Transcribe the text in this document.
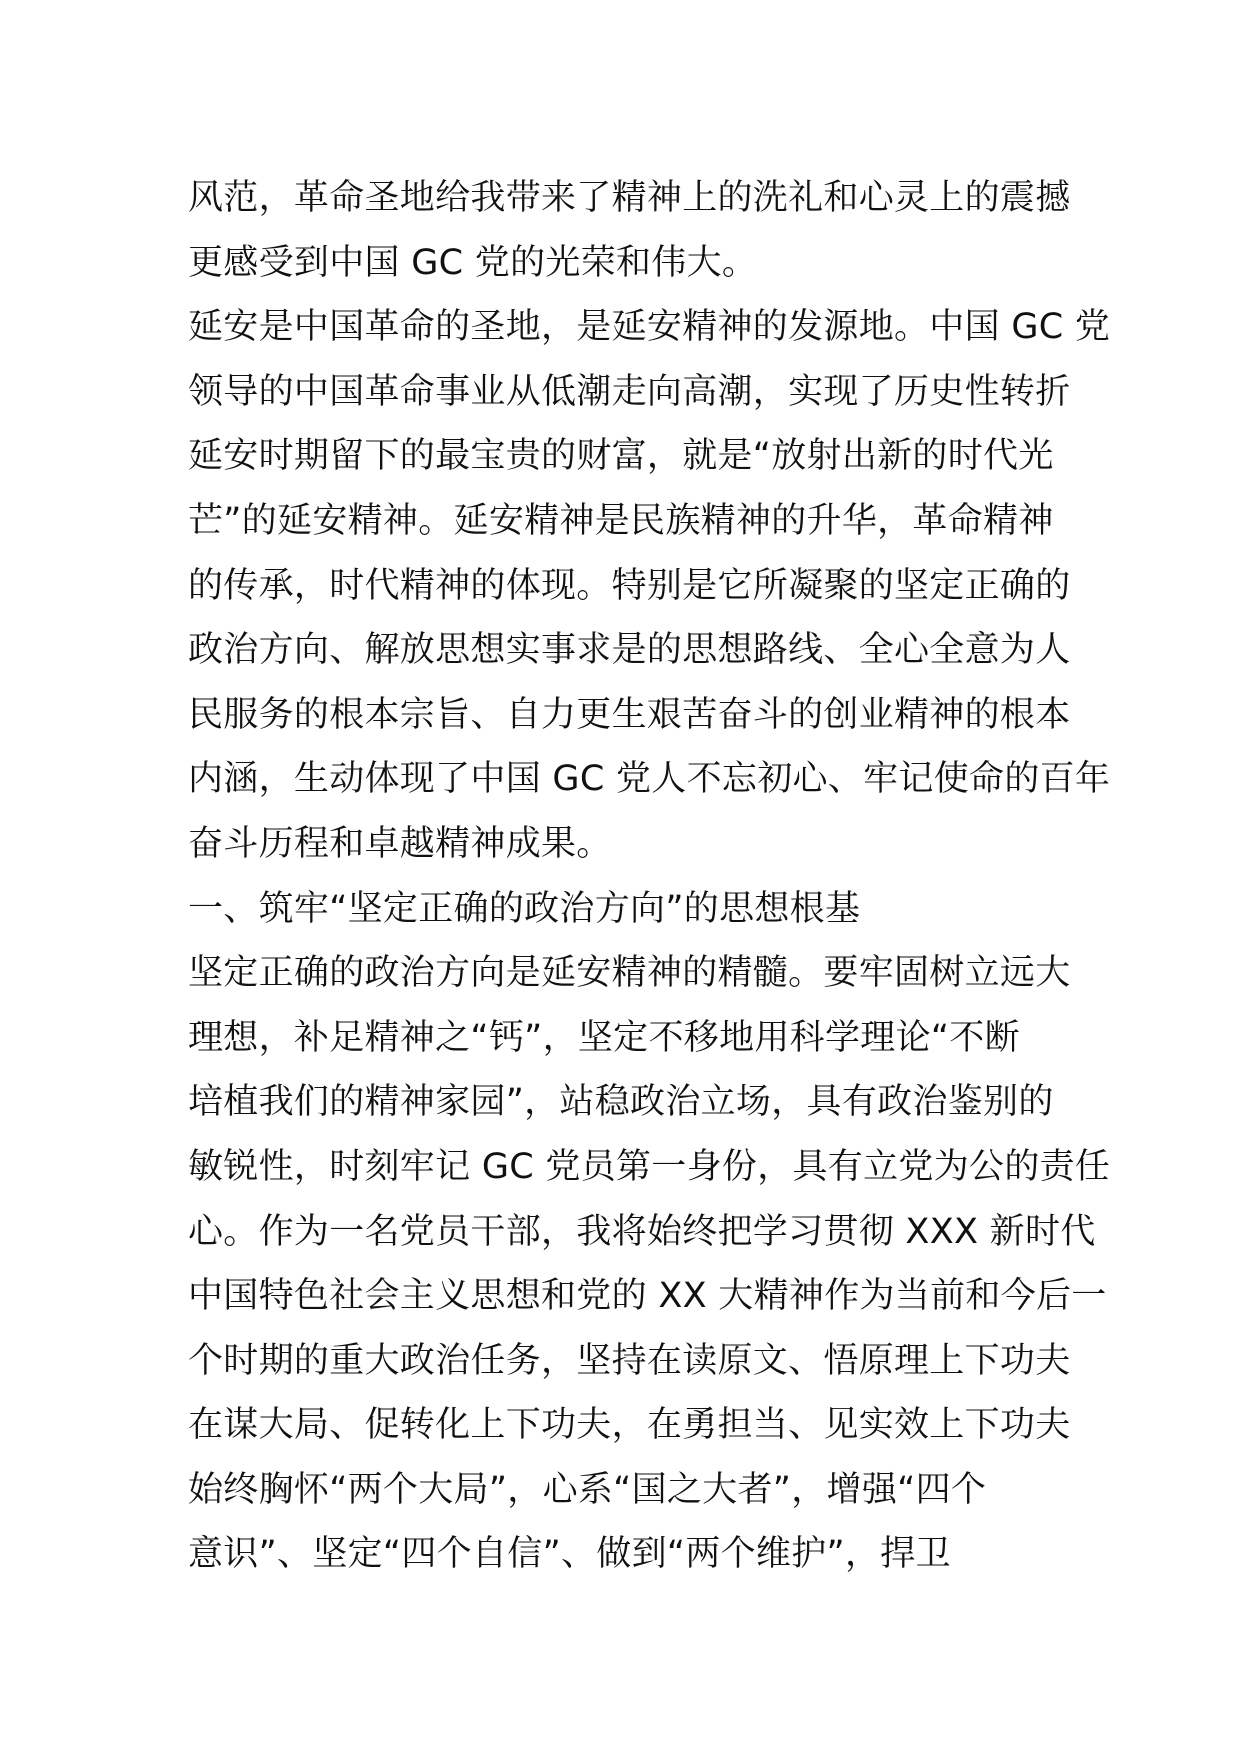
风范，革命圣地给我带来了精神上的洗礼和心灵上的震撼
更感受到中国 GC 党的光荣和伟大。
延安是中国革命的圣地，是延安精神的发源地。中国 GC 党
领导的中国革命事业从低潮走向高潮，实现了历史性转折
延安时期留下的最宝贵的财富，就是“放射出新的时代光
芒”的延安精神。延安精神是民族精神的升华，革命精神
的传承，时代精神的体现。特别是它所凝聚的坚定正确的
政治方向、解放思想实事求是的思想路线、全心全意为人
民服务的根本宗旨、自力更生艰苦奋斗的创业精神的根本
内涵，生动体现了中国 GC 党人不忘初心、牢记使命的百年
奋斗历程和卓越精神成果。
一、筑牢“坚定正确的政治方向”的思想根基
坚定正确的政治方向是延安精神的精髓。要牢固树立远大
理想，补足精神之“钙”，坚定不移地用科学理论“不断
培植我们的精神家园”，站稳政治立场，具有政治鉴别的
敏锐性，时刻牢记 GC 党员第一身份，具有立党为公的责任
心。作为一名党员干部，我将始终把学习贯彻 XXX 新时代
中国特色社会主义思想和党的 XX 大精神作为当前和今后一
个时期的重大政治任务，坚持在读原文、悟原理上下功夫
在谋大局、促转化上下功夫，在勇担当、见实效上下功夫
始终胸怀“两个大局”，心系“国之大者”，增强“四个
意识”、坚定“四个自信”、做到“两个维护”，捍卫
